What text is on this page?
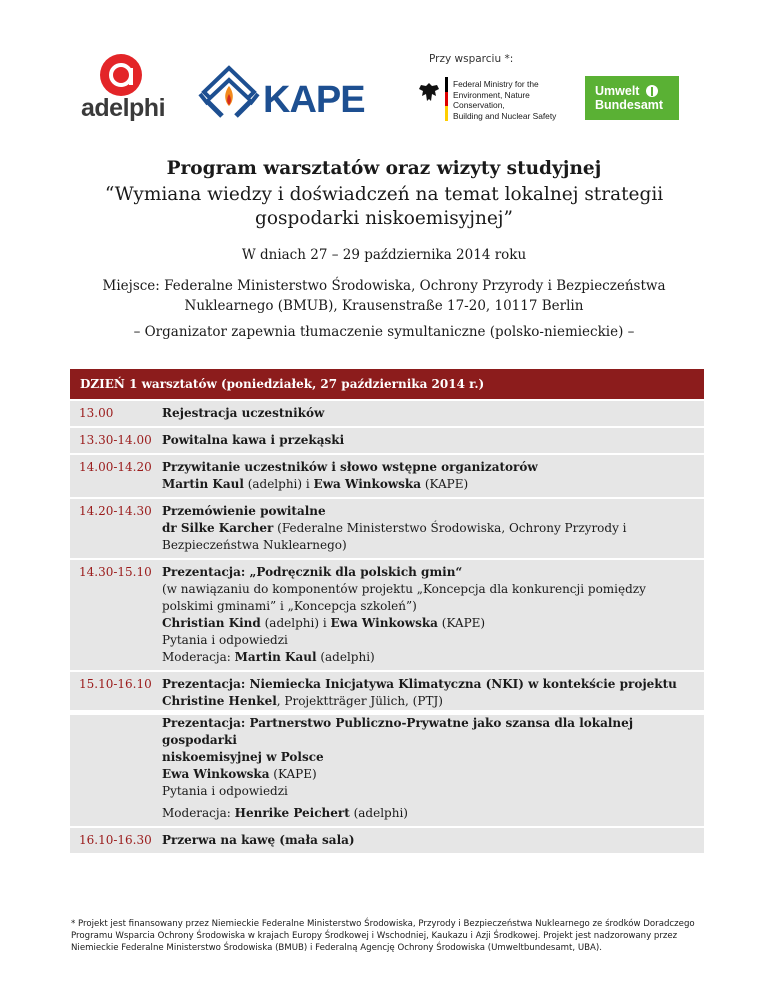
adelphi	KAPE
Przy wsparciu *:
Federal Ministry for the
Environment, Nature Conservation,
Building and Nuclear Safety
Umwelt
Bundesamt
Program warsztatów oraz wizyty studyjnej
“Wymiana wiedzy i doświadczeń na temat lokalnej strategii
gospodarki niskoemisyjnej”
W dniach 27 – 29 października 2014 roku
Miejsce: Federalne Ministerstwo Środowiska, Ochrony Przyrody i Bezpieczeństwa
Nuklearnego (BMUB), Krausenstraße 17-20, 10117 Berlin
– Organizator zapewnia tłumaczenie symultaniczne (polsko-niemieckie) –
DZIEŃ 1 warsztatów (poniedziałek, 27 października 2014 r.)
13.00	Rejestracja uczestników

13.30-14.00 Powitalna kawa i przekąski

14.00-14.20 Przywitanie uczestników i słowo wstępne organizatorów

Martin Kaul (adelphi) i Ewa Winkowska (KAPE)

14.20-14.30 Przemówienie powitalne

dr Silke Karcher (Federalne Ministerstwo Środowiska, Ochrony Przyrody i

Bezpieczeństwa Nuklearnego)

14.30-15.10 Prezentacja: „Podręcznik dla polskich gmin“

(w nawiązaniu do komponentów projektu „Koncepcja dla konkurencji pomiędzy

polskimi gminami” i „Koncepcja szkoleń”)

Christian Kind (adelphi) i Ewa Winkowska (KAPE)

Pytania i odpowiedzi

Moderacja: Martin Kaul (adelphi)

15.10-16.10 Prezentacja: Niemiecka Inicjatywa Klimatyczna (NKI) w kontekście projektu

Christine Henkel, Projektträger Jülich, (PTJ)

Prezentacja: Partnerstwo Publiczno-Prywatne jako szansa dla lokalnej gospodarki

niskoemisyjnej w Polsce

Ewa Winkowska (KAPE)

Pytania i odpowiedzi

Moderacja: Henrike Peichert (adelphi)

16.10-16.30 Przerwa na kawę (mała sala)

* Projekt jest finansowany przez Niemieckie Federalne Ministerstwo Środowiska, Przyrody i Bezpieczeństwa Nuklearnego ze środków Doradczego Programu Wsparcia Ochrony Środowiska w krajach Europy Środkowej i Wschodniej, Kaukazu i Azji Środkowej. Projekt jest nadzorowany przez Niemieckie Federalne Ministerstwo Środowiska (BMUB) i Federalną Agencję Ochrony Środowiska (Umweltbundesamt, UBA).
